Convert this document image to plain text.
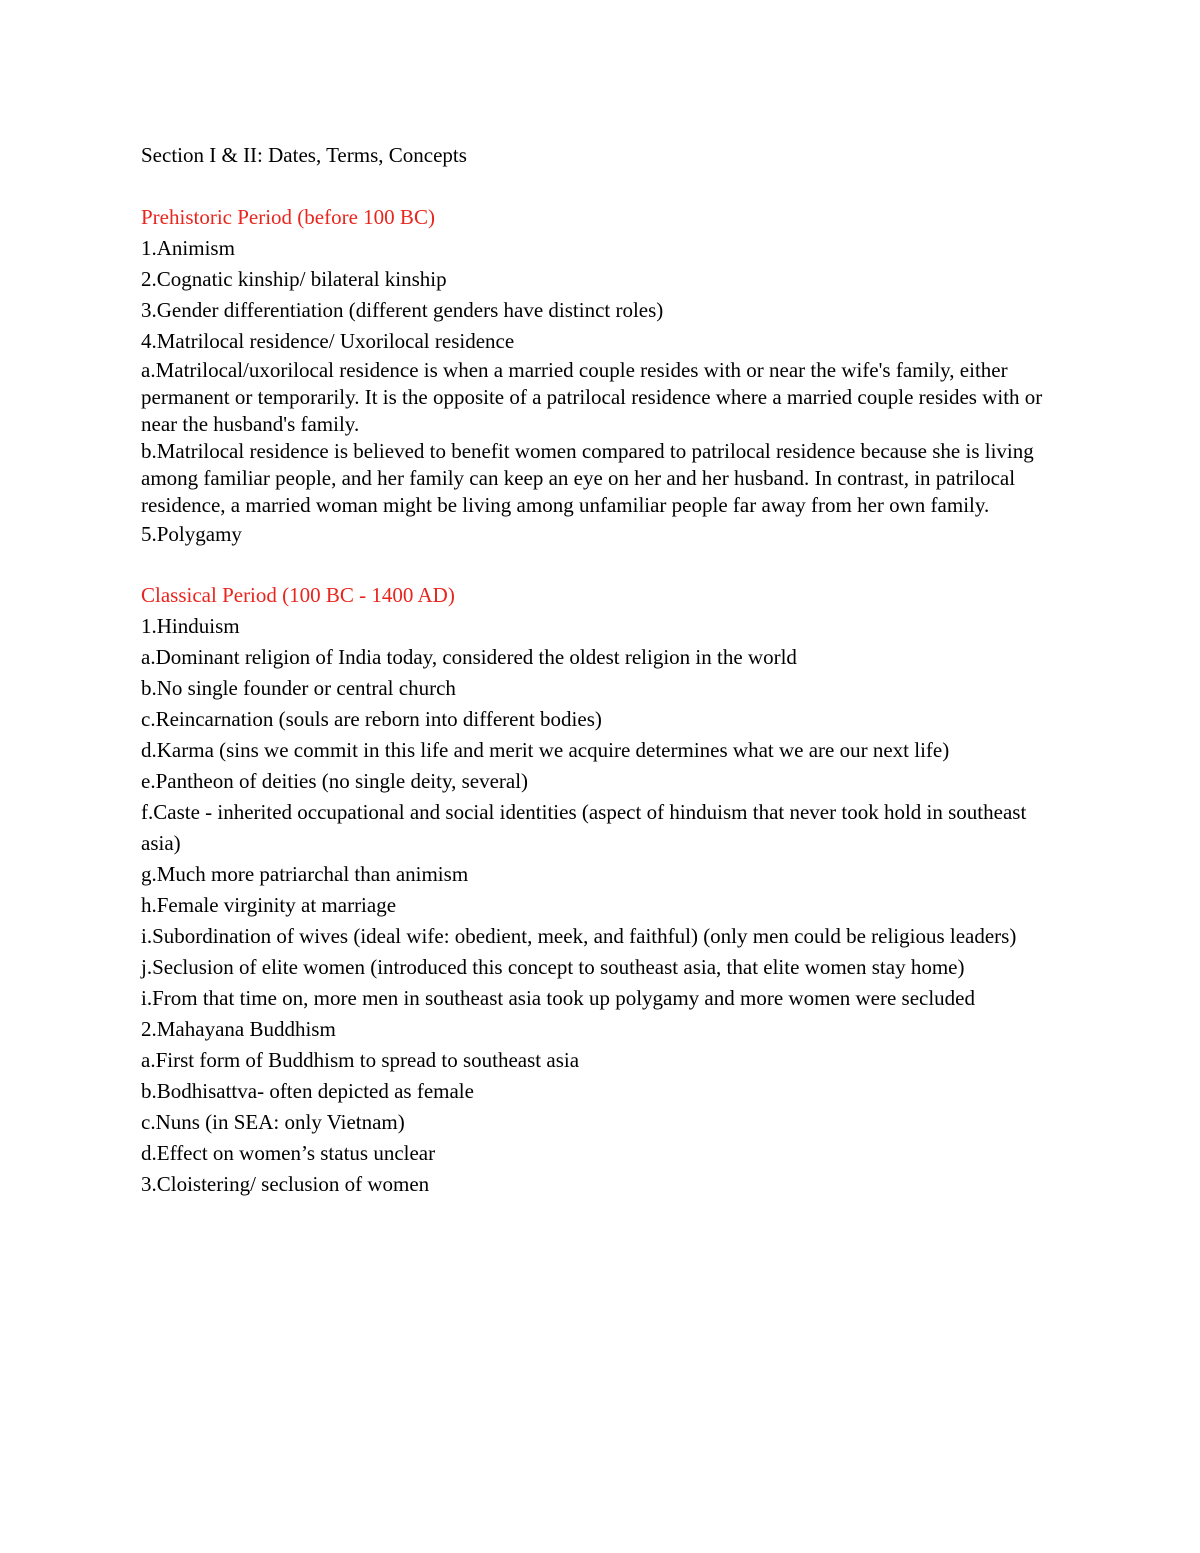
Section I & II: Dates, Terms, Concepts

Prehistoric Period (before 100 BC)

1.Animism
2.Cognatic kinship/ bilateral kinship
3.Gender differentiation (different genders have distinct roles)
4.Matrilocal residence/ Uxorilocal residence
a.Matrilocal/uxorilocal residence is when a married couple resides with or near the wife's family, either permanent or temporarily. It is the opposite of a patrilocal residence where a married couple resides with or near the husband's family.
b.Matrilocal residence is believed to benefit women compared to patrilocal residence because she is living among familiar people, and her family can keep an eye on her and her husband. In contrast, in patrilocal residence, a married woman might be living among unfamiliar people far away from her own family.
5.Polygamy

Classical Period (100 BC - 1400 AD)

1.Hinduism
a.Dominant religion of India today, considered the oldest religion in the world
b.No single founder or central church
c.Reincarnation (souls are reborn into different bodies)
d.Karma (sins we commit in this life and merit we acquire determines what we are our next life)
e.Pantheon of deities (no single deity, several)
f.Caste - inherited occupational and social identities (aspect of hinduism that never took hold in southeast asia)
g.Much more patriarchal than animism
h.Female virginity at marriage
i.Subordination of wives (ideal wife: obedient, meek, and faithful) (only men could be religious leaders)
j.Seclusion of elite women (introduced this concept to southeast asia, that elite women stay home)
i.From that time on, more men in southeast asia took up polygamy and more women were secluded
2.Mahayana Buddhism
a.First form of Buddhism to spread to southeast asia
b.Bodhisattva- often depicted as female
c.Nuns (in SEA: only Vietnam)
d.Effect on women’s status unclear
3.Cloistering/ seclusion of women
